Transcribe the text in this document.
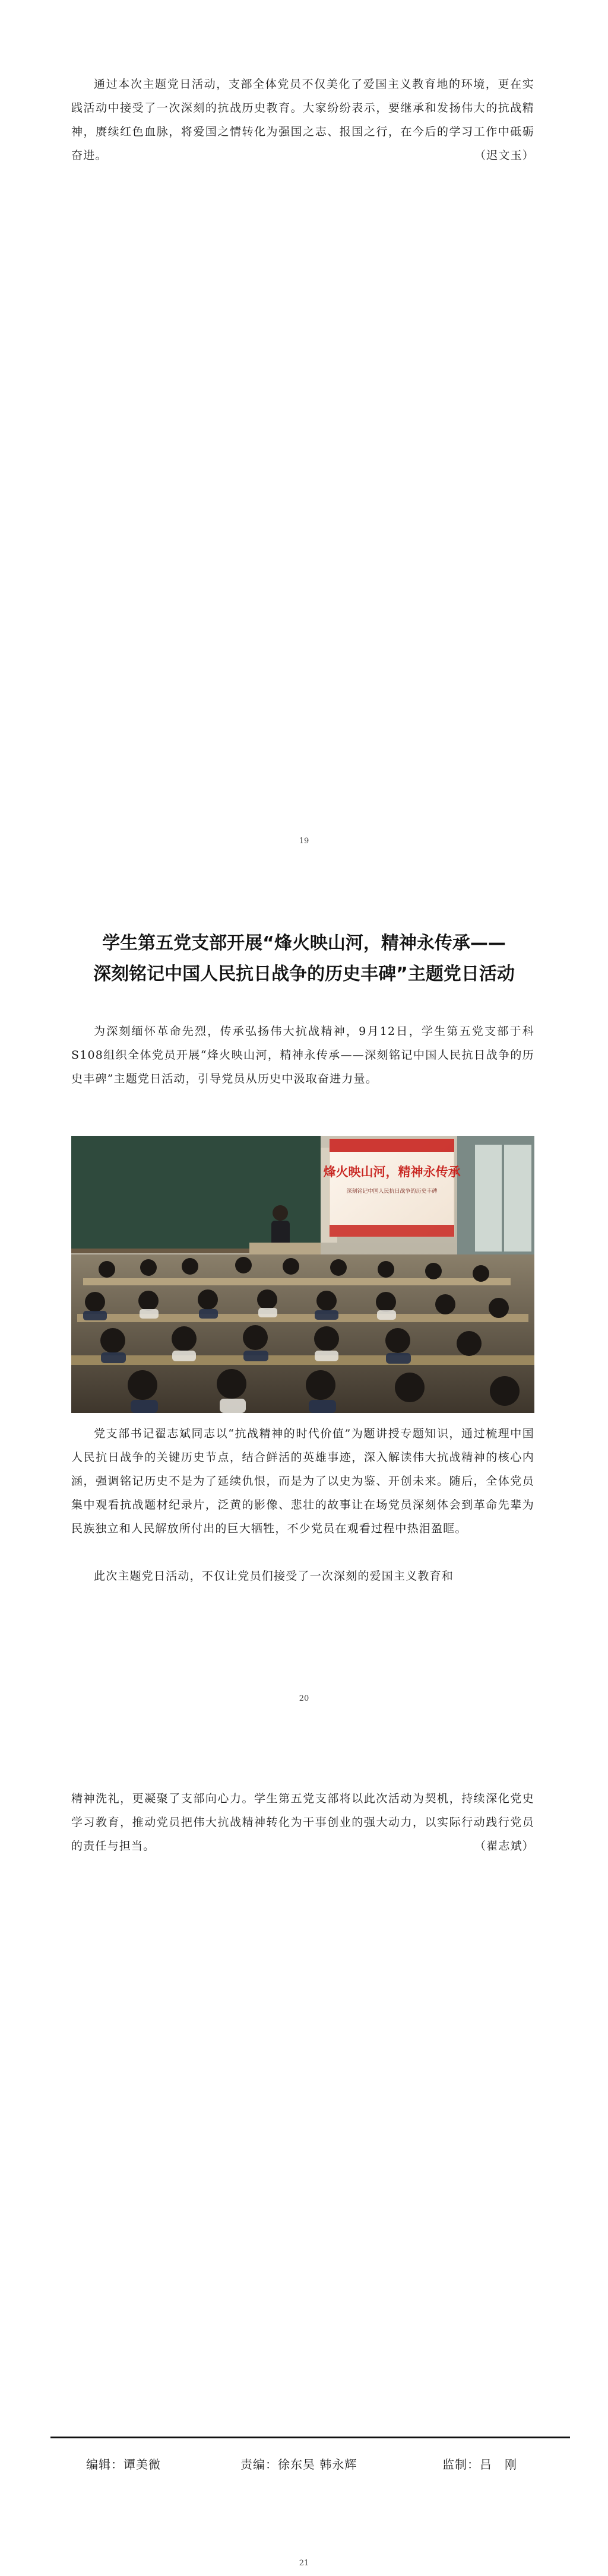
通过本次主题党日活动，支部全体党员不仅美化了爱国主义教育地的环境，更在实践活动中接受了一次深刻的抗战历史教育。大家纷纷表示，要继承和发扬伟大的抗战精神，赓续红色血脉，将爱国之情转化为强国之志、报国之行，在今后的学习工作中砥砺奋进。	（迟文玉）

19
学生第五党支部开展“烽火映山河，精神永传承——
深刻铭记中国人民抗日战争的历史丰碑”主题党日活动

为深刻缅怀革命先烈，传承弘扬伟大抗战精神，9月12日，学生第五党支部于科S108组织全体党员开展“烽火映山河，精神永传承——深刻铭记中国人民抗日战争的历史丰碑”主题党日活动，引导党员从历史中汲取奋进力量。

烽火映山河，精神永传承
深刻铭记中国人民抗日战争的历史丰碑

党支部书记翟志斌同志以“抗战精神的时代价值”为题讲授专题知识，通过梳理中国人民抗日战争的关键历史节点，结合鲜活的英雄事迹，深入解读伟大抗战精神的核心内涵，强调铭记历史不是为了延续仇恨，而是为了以史为鉴、开创未来。随后，全体党员集中观看抗战题材纪录片，泛黄的影像、悲壮的故事让在场党员深刻体会到革命先辈为民族独立和人民解放所付出的巨大牺牲，不少党员在观看过程中热泪盈眶。

此次主题党日活动，不仅让党员们接受了一次深刻的爱国主义教育和

20

精神洗礼，更凝聚了支部向心力。学生第五党支部将以此次活动为契机，持续深化党史学习教育，推动党员把伟大抗战精神转化为干事创业的强大动力，以实际行动践行党员的责任与担当。	（翟志斌）

编辑：谭美微	责编：徐东昊 韩永辉	监制：吕　刚
21
